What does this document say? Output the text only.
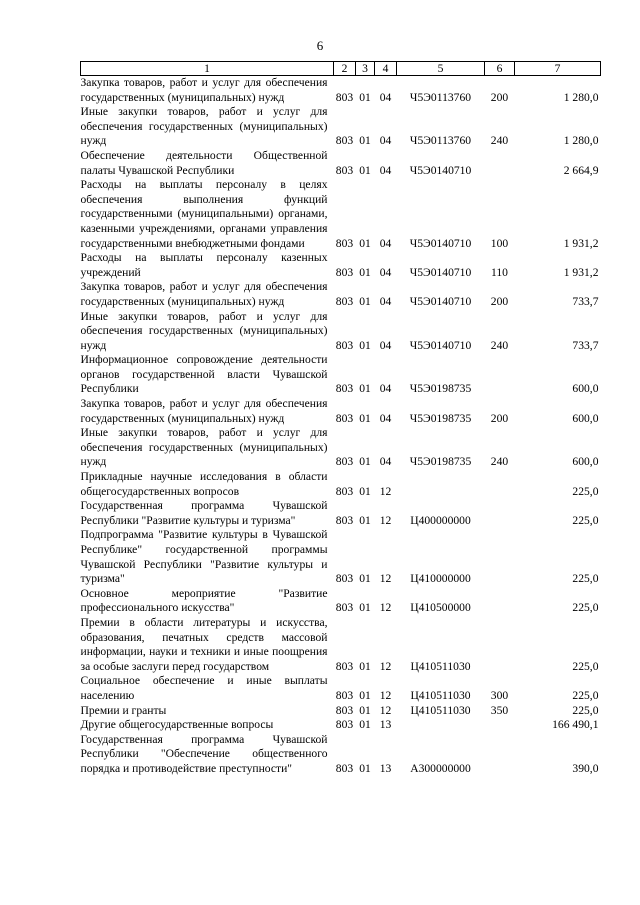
6
1	2	3	4	5	6	7
Закупка товаров, работ и услуг для обеспечения государственных (муниципальных) нужд	803	01	04	Ч5Э0113760	200	1 280,0
Иные закупки товаров, работ и услуг для обеспечения государственных (муниципальных) нужд	803	01	04	Ч5Э0113760	240	1 280,0
Обеспечение деятельности Общественной палаты Чувашской Республики	803	01	04	Ч5Э0140710		2 664,9
Расходы на выплаты персоналу в целях обеспечения выполнения функций государственными (муниципальными) органами, казенными учреждениями, органами управления государственными внебюджетными фондами	803	01	04	Ч5Э0140710	100	1 931,2
Расходы на выплаты персоналу казенных учреждений	803	01	04	Ч5Э0140710	110	1 931,2
Закупка товаров, работ и услуг для обеспечения государственных (муниципальных) нужд	803	01	04	Ч5Э0140710	200	733,7
Иные закупки товаров, работ и услуг для обеспечения государственных (муниципальных) нужд	803	01	04	Ч5Э0140710	240	733,7
Информационное сопровождение деятельности органов государственной власти Чувашской Республики	803	01	04	Ч5Э0198735		600,0
Закупка товаров, работ и услуг для обеспечения государственных (муниципальных) нужд	803	01	04	Ч5Э0198735	200	600,0
Иные закупки товаров, работ и услуг для обеспечения государственных (муниципальных) нужд	803	01	04	Ч5Э0198735	240	600,0
Прикладные научные исследования в области общегосударственных вопросов	803	01	12			225,0
Государственная программа Чувашской Республики "Развитие культуры и туризма"	803	01	12	Ц400000000		225,0
Подпрограмма "Развитие культуры в Чувашской Республике" государственной программы Чувашской Республики "Развитие культуры и туризма"	803	01	12	Ц410000000		225,0
Основное мероприятие "Развитие профессионального искусства"	803	01	12	Ц410500000		225,0
Премии в области литературы и искусства, образования, печатных средств массовой информации, науки и техники и иные поощрения за особые заслуги перед государством	803	01	12	Ц410511030		225,0
Социальное обеспечение и иные выплаты населению	803	01	12	Ц410511030	300	225,0
Премии и гранты	803	01	12	Ц410511030	350	225,0
Другие общегосударственные вопросы	803	01	13			166 490,1
Государственная программа Чувашской Республики "Обеспечение общественного порядка и противодействие преступности"	803	01	13	А300000000		390,0
